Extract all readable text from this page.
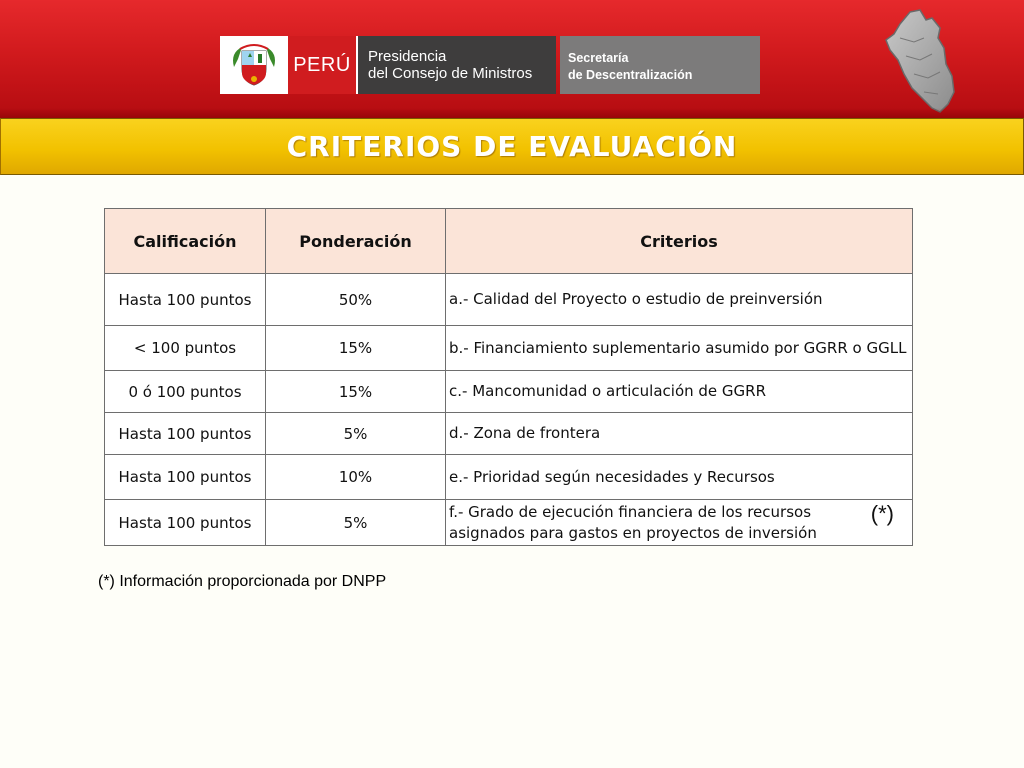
PERÚ	Presidencia
del Consejo de Ministros
Secretaría
de Descentralización
CRITERIOS DE EVALUACIÓN
Calificación	Ponderación	Criterios
Hasta 100 puntos	50%	a.- Calidad del Proyecto o estudio de preinversión
< 100 puntos	15%	b.- Financiamiento suplementario asumido por GGRR o GGLL
0 ó 100 puntos	15%	c.- Mancomunidad o articulación de GGRR
Hasta 100 puntos	5%	d.- Zona de frontera
Hasta 100 puntos	10%	e.- Prioridad según necesidades y Recursos
Hasta 100 puntos	5%	f.- Grado de ejecución financiera de los recursos asignados para gastos en proyectos de inversión
(*)
(*) Información proporcionada por DNPP
